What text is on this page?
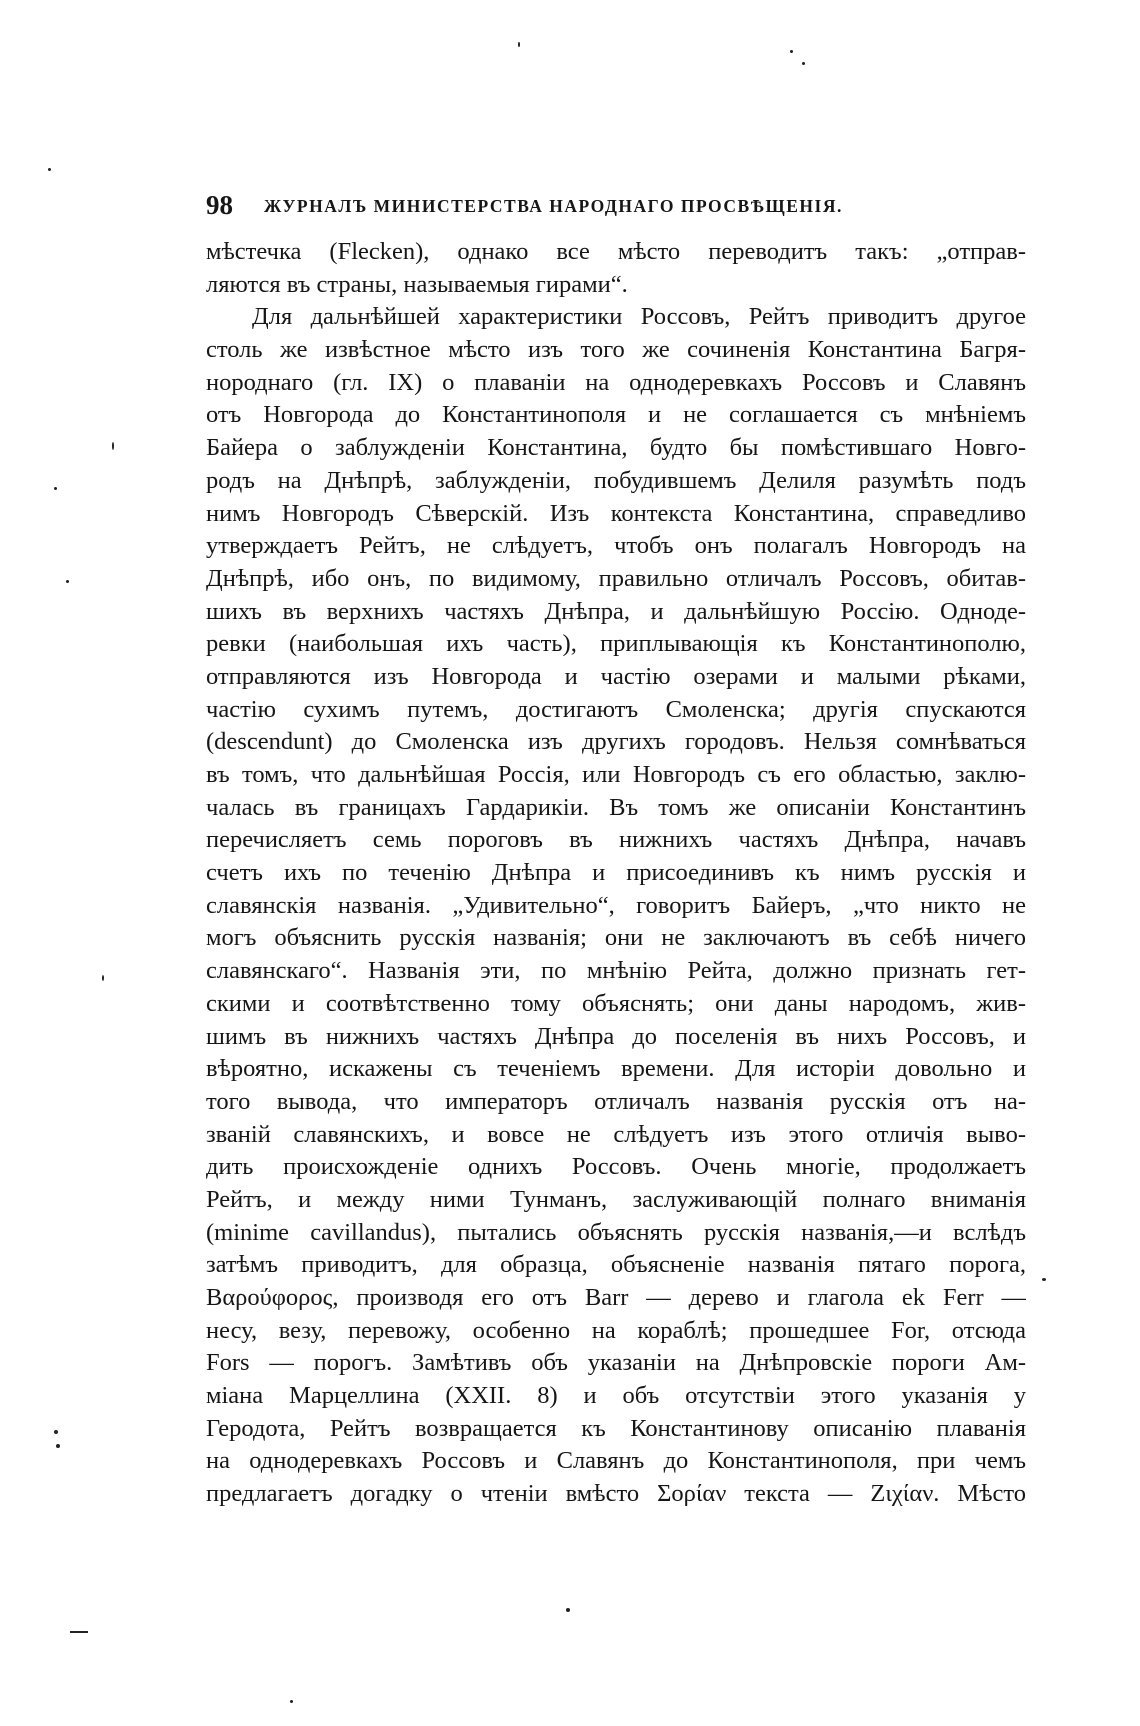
98 ЖУРНАЛЪ МИНИСТЕРСТВА НАРОДНАГО ПРОСВѢЩЕНІЯ.
мѣстечка (Flecken), однако все мѣсто переводитъ такъ: „отправ-
ляются въ страны, называемыя гирами“.
Для дальнѣйшей характеристики Россовъ, Рейтъ приводитъ другое
столь же извѣстное мѣсто изъ того же сочиненія Константина Багря-
нороднаго (гл. IX) о плаваніи на однодеревкахъ Россовъ и Славянъ
отъ Новгорода до Константинополя и не соглашается съ мнѣніемъ
Байера о заблужденіи Константина, будто бы помѣстившаго Новго-
родъ на Днѣпрѣ, заблужденіи, побудившемъ Делиля разумѣть подъ
нимъ Новгородъ Сѣверскій. Изъ контекста Константина, справедливо
утверждаетъ Рейтъ, не слѣдуетъ, чтобъ онъ полагалъ Новгородъ на
Днѣпрѣ, ибо онъ, по видимому, правильно отличалъ Россовъ, обитав-
шихъ въ верхнихъ частяхъ Днѣпра, и дальнѣйшую Россію. Одноде-
ревки (наибольшая ихъ часть), приплывающія къ Константинополю,
отправляются изъ Новгорода и частію озерами и малыми рѣками,
частію сухимъ путемъ, достигаютъ Смоленска; другія спускаются
(descendunt) до Смоленска изъ другихъ городовъ. Нельзя сомнѣваться
въ томъ, что дальнѣйшая Россія, или Новгородъ съ его областью, заклю-
чалась въ границахъ Гардарикіи. Въ томъ же описаніи Константинъ
перечисляетъ семь пороговъ въ нижнихъ частяхъ Днѣпра, начавъ
счетъ ихъ по теченію Днѣпра и присоединивъ къ нимъ русскія и
славянскія названія. „Удивительно“, говоритъ Байеръ, „что никто не
могъ объяснить русскія названія; они не заключаютъ въ себѣ ничего
славянскаго“. Названія эти, по мнѣнію Рейта, должно признать гет-
скими и соотвѣтственно тому объяснять; они даны народомъ, жив-
шимъ въ нижнихъ частяхъ Днѣпра до поселенія въ нихъ Россовъ, и
вѣроятно, искажены съ теченіемъ времени. Для исторіи довольно и
того вывода, что императоръ отличалъ названія русскія отъ на-
званій славянскихъ, и вовсе не слѣдуетъ изъ этого отличія выво-
дить происхожденіе однихъ Россовъ. Очень многіе, продолжаетъ
Рейтъ, и между ними Тунманъ, заслуживающій полнаго вниманія
(minime cavillandus), пытались объяснять русскія названія,—и вслѣдъ
затѣмъ приводитъ, для образца, объясненіе названія пятаго порога,
Βαρούφορος, производя его отъ Barr — дерево и глагола ek Ferr —
несу, везу, перевожу, особенно на кораблѣ; прошедшее For, отсюда
Fors — порогъ. Замѣтивъ объ указаніи на Днѣпровскіе пороги Ам-
міана Марцеллина (XXII. 8) и объ отсутствіи этого указанія у
Геродота, Рейтъ возвращается къ Константинову описанію плаванія
на однодеревкахъ Россовъ и Славянъ до Константинополя, при чемъ
предлагаетъ догадку о чтеніи вмѣсто Σορίαν текста — Ζιχίαν. Мѣсто
